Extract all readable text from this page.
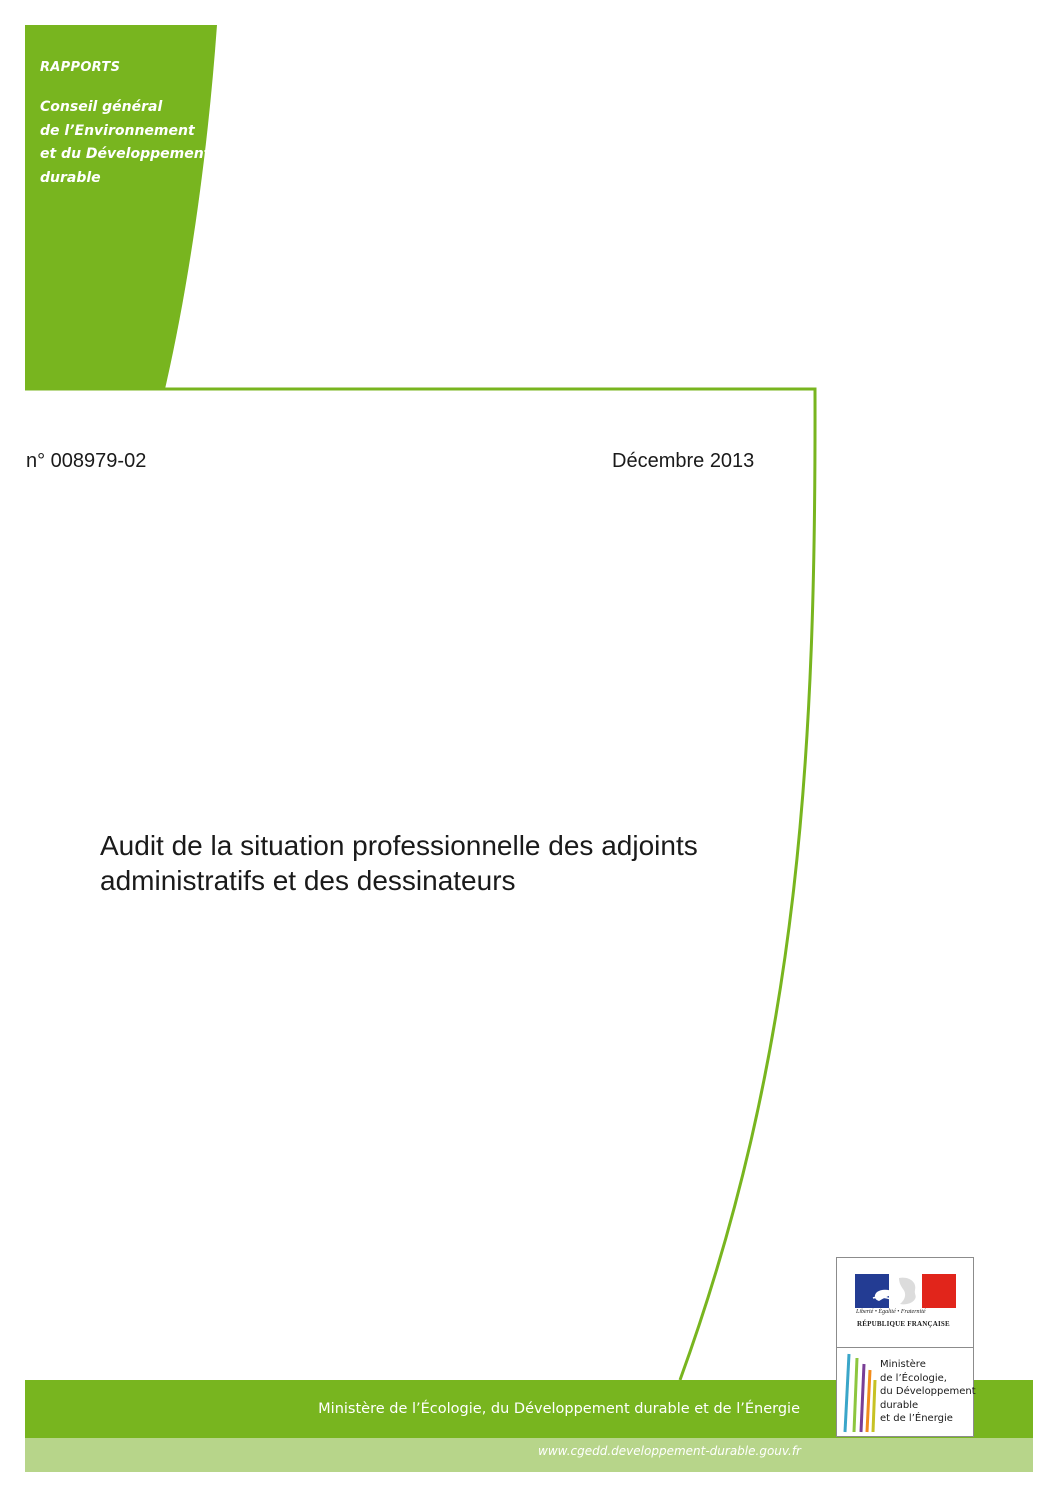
RAPPORTS
Conseil général
de l’Environnement
et du Développement
durable
n° 008979-02	Décembre 2013
Audit de la situation professionnelle des adjoints
administratifs et des dessinateurs
Ministère de l’Écologie, du Développement durable et de l’Énergie
www.cgedd.developpement-durable.gouv.fr
Liberté • Égalité • Fraternité
RÉPUBLIQUE FRANÇAISE
Ministère
de l’Écologie,
du Développement
durable
et de l’Énergie
